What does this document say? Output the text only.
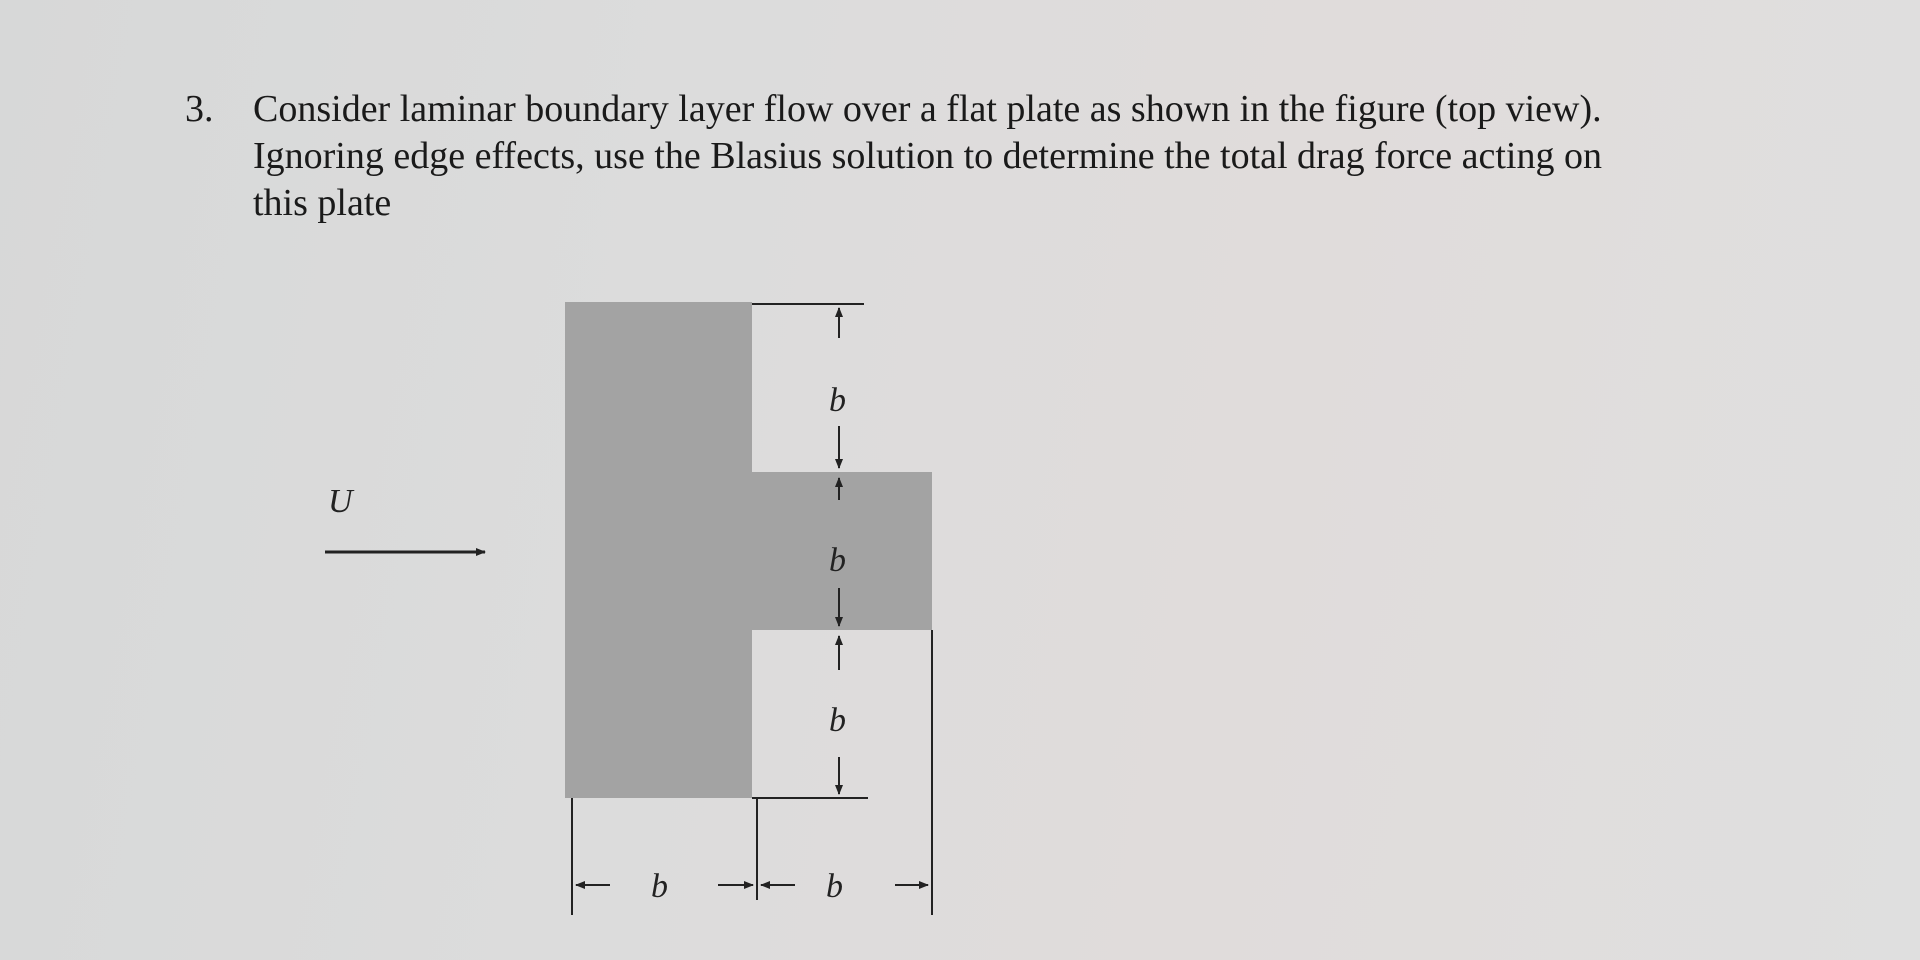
3.	Consider laminar boundary layer flow over a flat plate as shown in the figure (top view).
Ignoring edge effects, use the Blasius solution to determine the total drag force acting on
this plate
U
b
b
b
b	b
